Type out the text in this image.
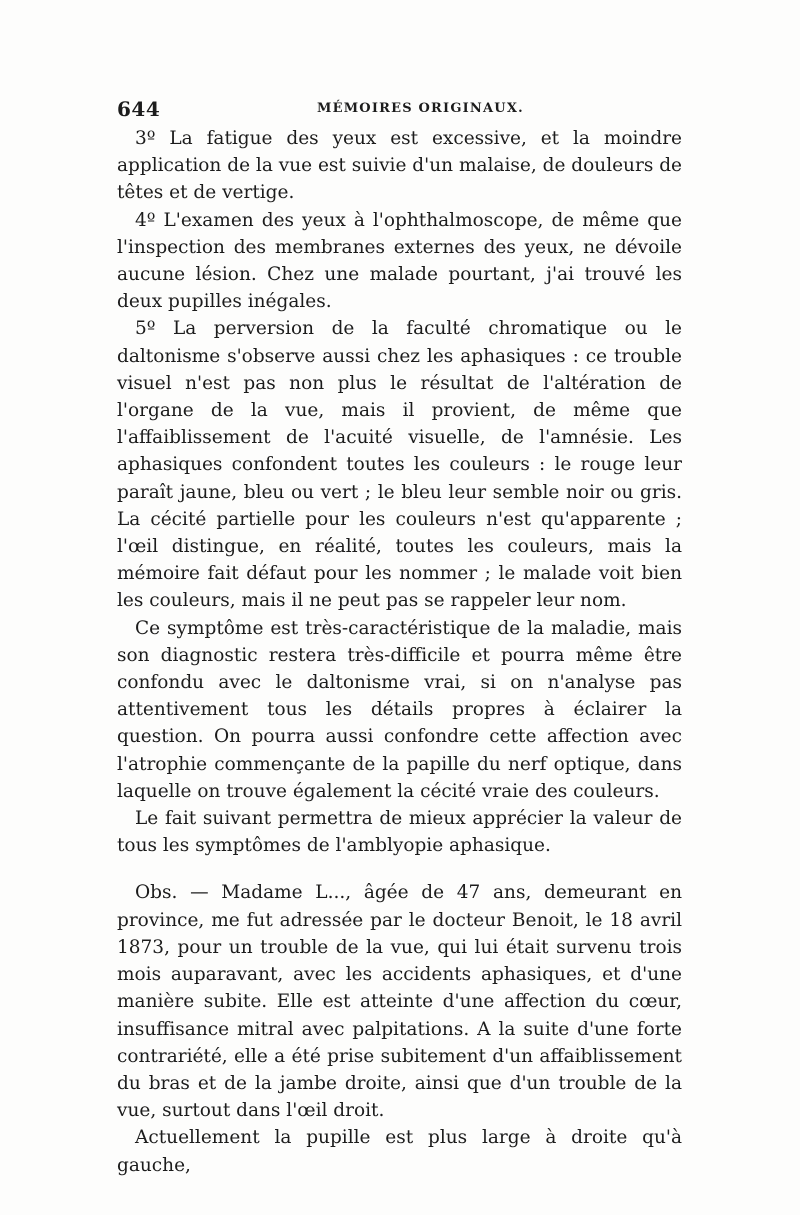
644	MÉMOIRES ORIGINAUX.

3º La fatigue des yeux est excessive, et la moindre application de la vue est suivie d'un malaise, de douleurs de têtes et de vertige.

4º L'examen des yeux à l'ophthalmoscope, de même que l'inspection des membranes externes des yeux, ne dévoile aucune lésion. Chez une malade pourtant, j'ai trouvé les deux pupilles inégales.

5º La perversion de la faculté chromatique ou le daltonisme s'observe aussi chez les aphasiques : ce trouble visuel n'est pas non plus le résultat de l'altération de l'organe de la vue, mais il provient, de même que l'affaiblissement de l'acuité visuelle, de l'amnésie. Les aphasiques confondent toutes les couleurs : le rouge leur paraît jaune, bleu ou vert ; le bleu leur semble noir ou gris. La cécité partielle pour les couleurs n'est qu'apparente ; l'œil distingue, en réalité, toutes les couleurs, mais la mémoire fait défaut pour les nommer ; le malade voit bien les couleurs, mais il ne peut pas se rappeler leur nom.

Ce symptôme est très-caractéristique de la maladie, mais son diagnostic restera très-difficile et pourra même être confondu avec le daltonisme vrai, si on n'analyse pas attentivement tous les détails propres à éclairer la question. On pourra aussi confondre cette affection avec l'atrophie commençante de la papille du nerf optique, dans laquelle on trouve également la cécité vraie des couleurs.

Le fait suivant permettra de mieux apprécier la valeur de tous les symptômes de l'amblyopie aphasique.

Obs. — Madame L..., âgée de 47 ans, demeurant en province, me fut adressée par le docteur Benoit, le 18 avril 1873, pour un trouble de la vue, qui lui était survenu trois mois auparavant, avec les accidents aphasiques, et d'une manière subite. Elle est atteinte d'une affection du cœur, insuffisance mitral avec palpitations. A la suite d'une forte contrariété, elle a été prise subitement d'un affaiblissement du bras et de la jambe droite, ainsi que d'un trouble de la vue, surtout dans l'œil droit.

Actuellement la pupille est plus large à droite qu'à gauche,
